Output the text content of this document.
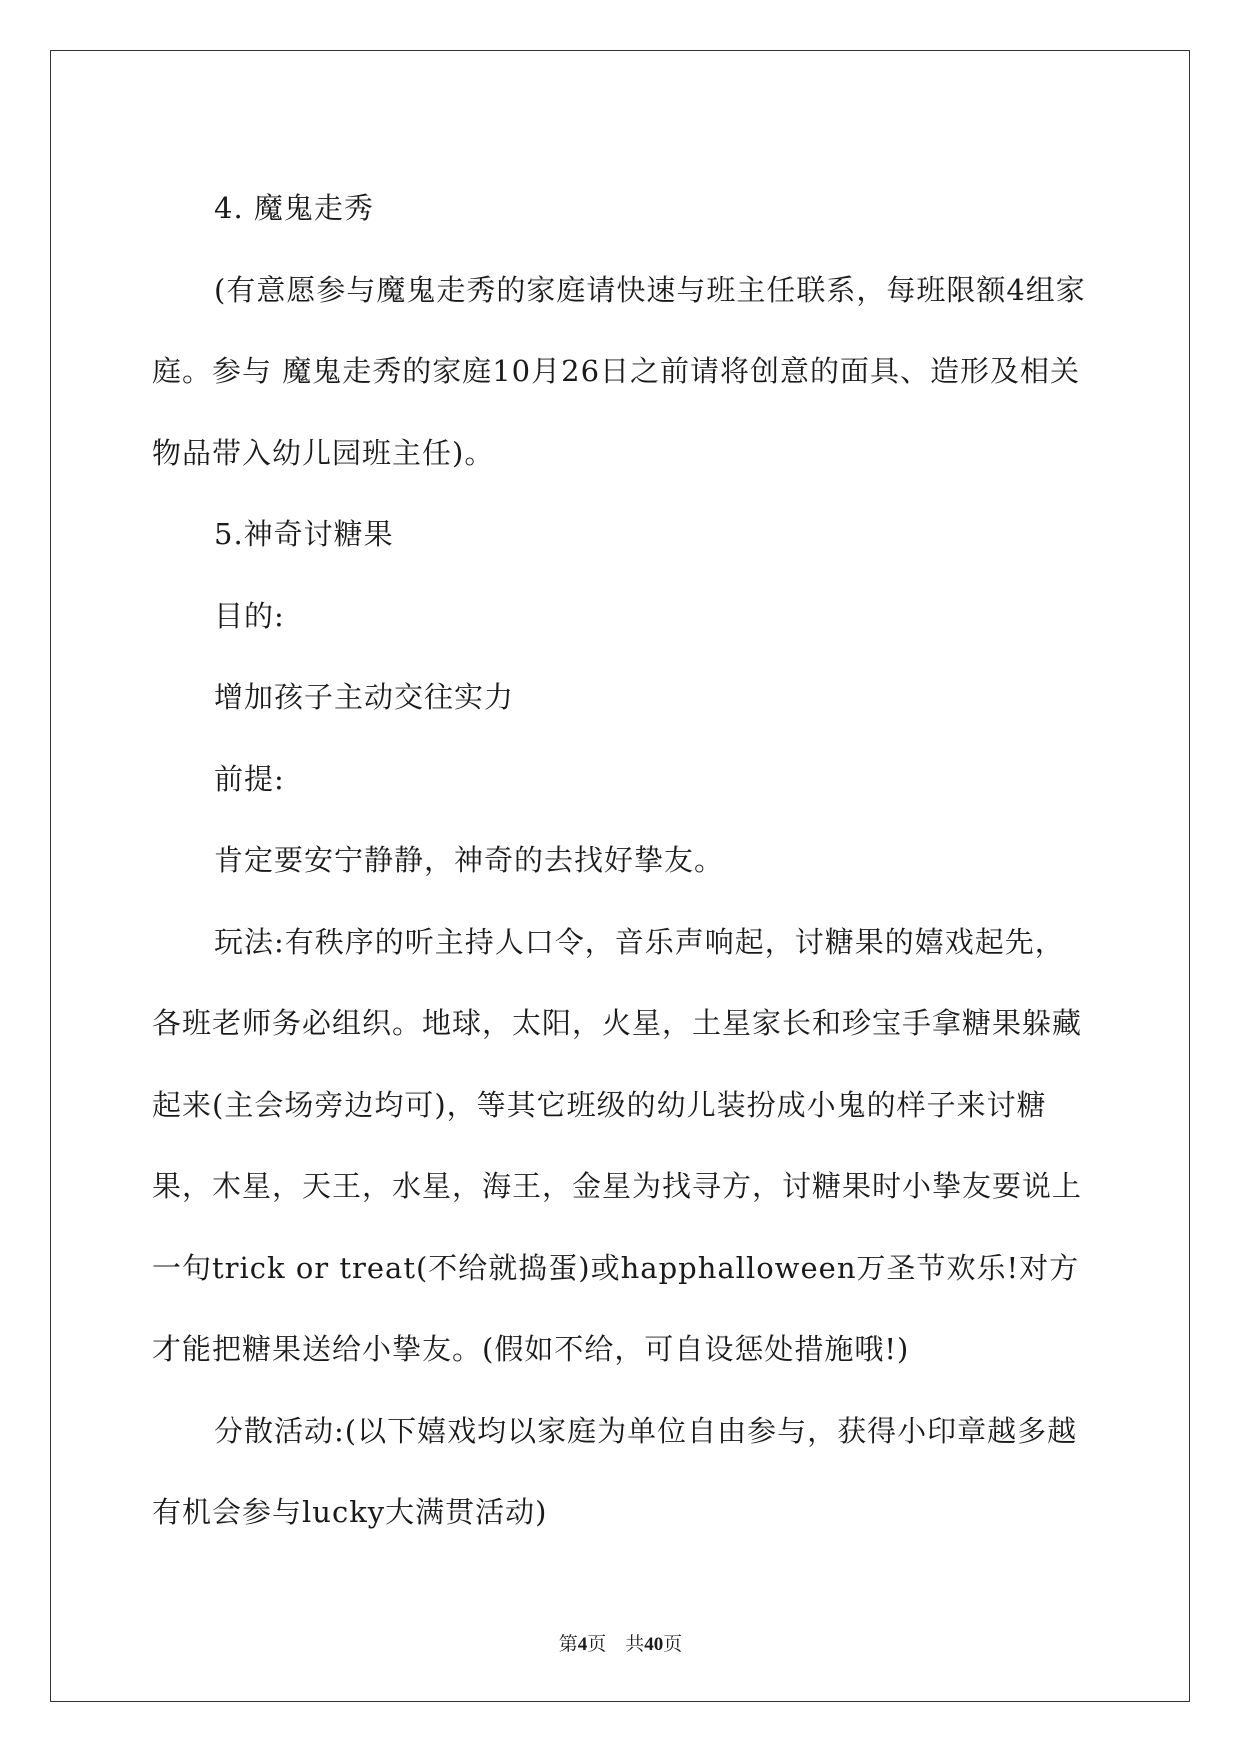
4. 魔鬼走秀

(有意愿参与魔鬼走秀的家庭请快速与班主任联系，每班限额4组家庭。参与 魔鬼走秀的家庭10月26日之前请将创意的面具、造形及相关物品带入幼儿园班主任)。

5.神奇讨糖果

目的:

增加孩子主动交往实力

前提:

肯定要安宁静静，神奇的去找好挚友。

玩法:有秩序的听主持人口令，音乐声响起，讨糖果的嬉戏起先，各班老师务必组织。地球，太阳，火星，土星家长和珍宝手拿糖果躲藏起来(主会场旁边均可)，等其它班级的幼儿装扮成小鬼的样子来讨糖果，木星，天王，水星，海王，金星为找寻方，讨糖果时小挚友要说上一句trick or treat(不给就捣蛋)或happhalloween万圣节欢乐!对方才能把糖果送给小挚友。(假如不给，可自设惩处措施哦!)

分散活动:(以下嬉戏均以家庭为单位自由参与，获得小印章越多越有机会参与lucky大满贯活动)

第4页 共40页
